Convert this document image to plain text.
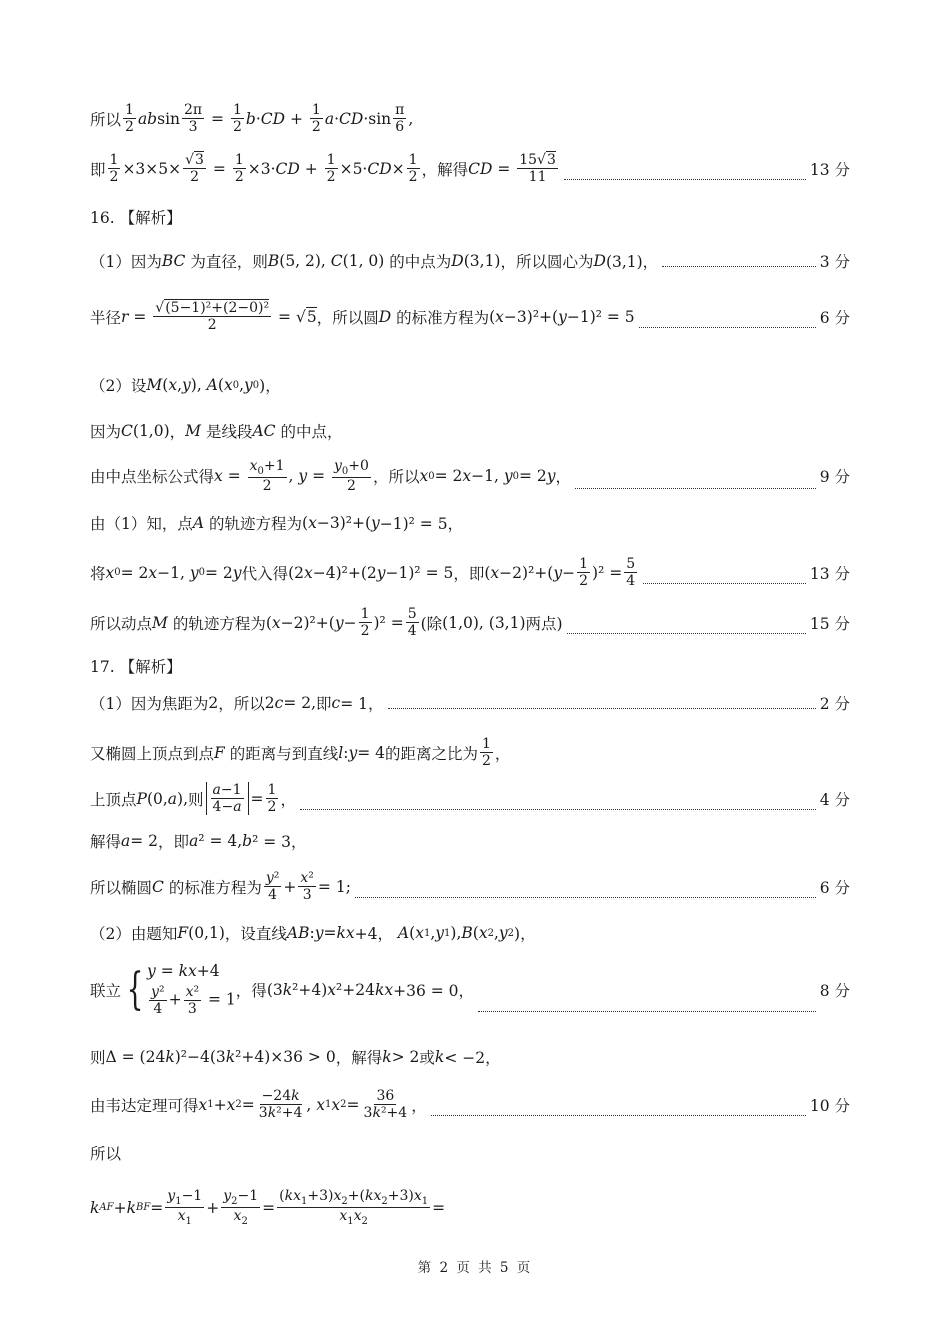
所以 $\frac{1}{2}$ ab $\sin \frac{2\pi}{3} = \frac{1}{2}$ b · CD + $\frac{1}{2}$ a · CD $\cdot\sin \frac{\pi}{6}$ ,
即 $\frac{1}{2} \times 3\times 5\times \frac{√3}{2} = \frac{1}{2} \times 3\cdot$ CD + $\frac{1}{2} \times 5\cdot$ CD × $\frac{1}{2}$ ，解得 CD = $\frac{15√3}{11}$	13 分
16. 【解析】
（1）因为 BC
为直径，则 B (5, 2), C (1, 0) 的中点为 D (3,1) ，所以圆心为 D (3,1)，	3 分
半径 $r = \frac{\text{√(5−1)²+(2−0)²}}{2}$ = √ 5 ，所以圆 D
的标准方程为 ( x −3)²+( y −1)² = 5	6 分
（2）设 M ( x , y ), A ( x 0 , y 0 )，
因为 C (1,0) ， M
是线段 AC
的中点，
由中点坐标公式得 $x = \frac{x_0+1}{2}$ , $y = \frac{y_0+0}{2}$ ，所以 x 0 = 2 x −1, y 0 = 2 y ，	9 分
由（1）知，点 A
的轨迹方程为 ( x −3)²+( y −1)² = 5，
将 x 0 = 2 x −1, y 0 = 2 y 代入得 (2 x −4)²+(2 y −1)² = 5 ，即 ( x −2)²+( $y - \frac{1}{2} )^2 = \frac{5}{4}$	13 分
所以动点 M
的轨迹方程为 ( x −2)²+( $y - \frac{1}{2} )^2 = \frac{5}{4}$ (除 (1,0), (3,1) 两点)	15 分
17. 【解析】
（1）因为焦距为 2 ，所以 2 c = 2, 即 c = 1，	2 分
又椭圆上顶点到点 F
的距离与到直线 l : y = 4 的距离之比为 $\frac{1}{2}$ ，
上顶点 P (0, a ), 则 $\frac{a-1}{4-a} = \frac{1}{2}$ ，	4 分
解得 a = 2 ，即 a ² = 4, b ² = 3，
所以椭圆 C
的标准方程为 $\frac{\text{y²}}{4} + \frac{\text{x²}}{3} = 1$;	6 分
（2）由题知 F (0,1) ，设直线 AB : y = kx +4， A ( x 1 , y 1 ), B ( x 2 , y 2 )，
联立 { y = kx+4
$\frac{\text{y²}}{4} + \frac{\text{x²}}{3} = 1$ ，得 (3 k ²+4) x ²+24 kx +36 = 0，	8 分
则 Δ = (24 k )²−4(3 k ²+4)×36 > 0 ，解得 k > 2 或 k < −2，
由韦达定理可得 x 1 + x $2 = \frac{-24k}{\text{3k²+4}}$ , x 1 x $2 = \frac{36}{\text{3k²+4}}$ ，	10 分
所以
k AF + k BF = $\frac{y_1-1}{x_1} + \frac{y_2-1}{x_2} = \frac{(kx_1+3)x_2+(kx_2+3)x_1}{x_1x_2}$ =
第 2 页 共 5 页
